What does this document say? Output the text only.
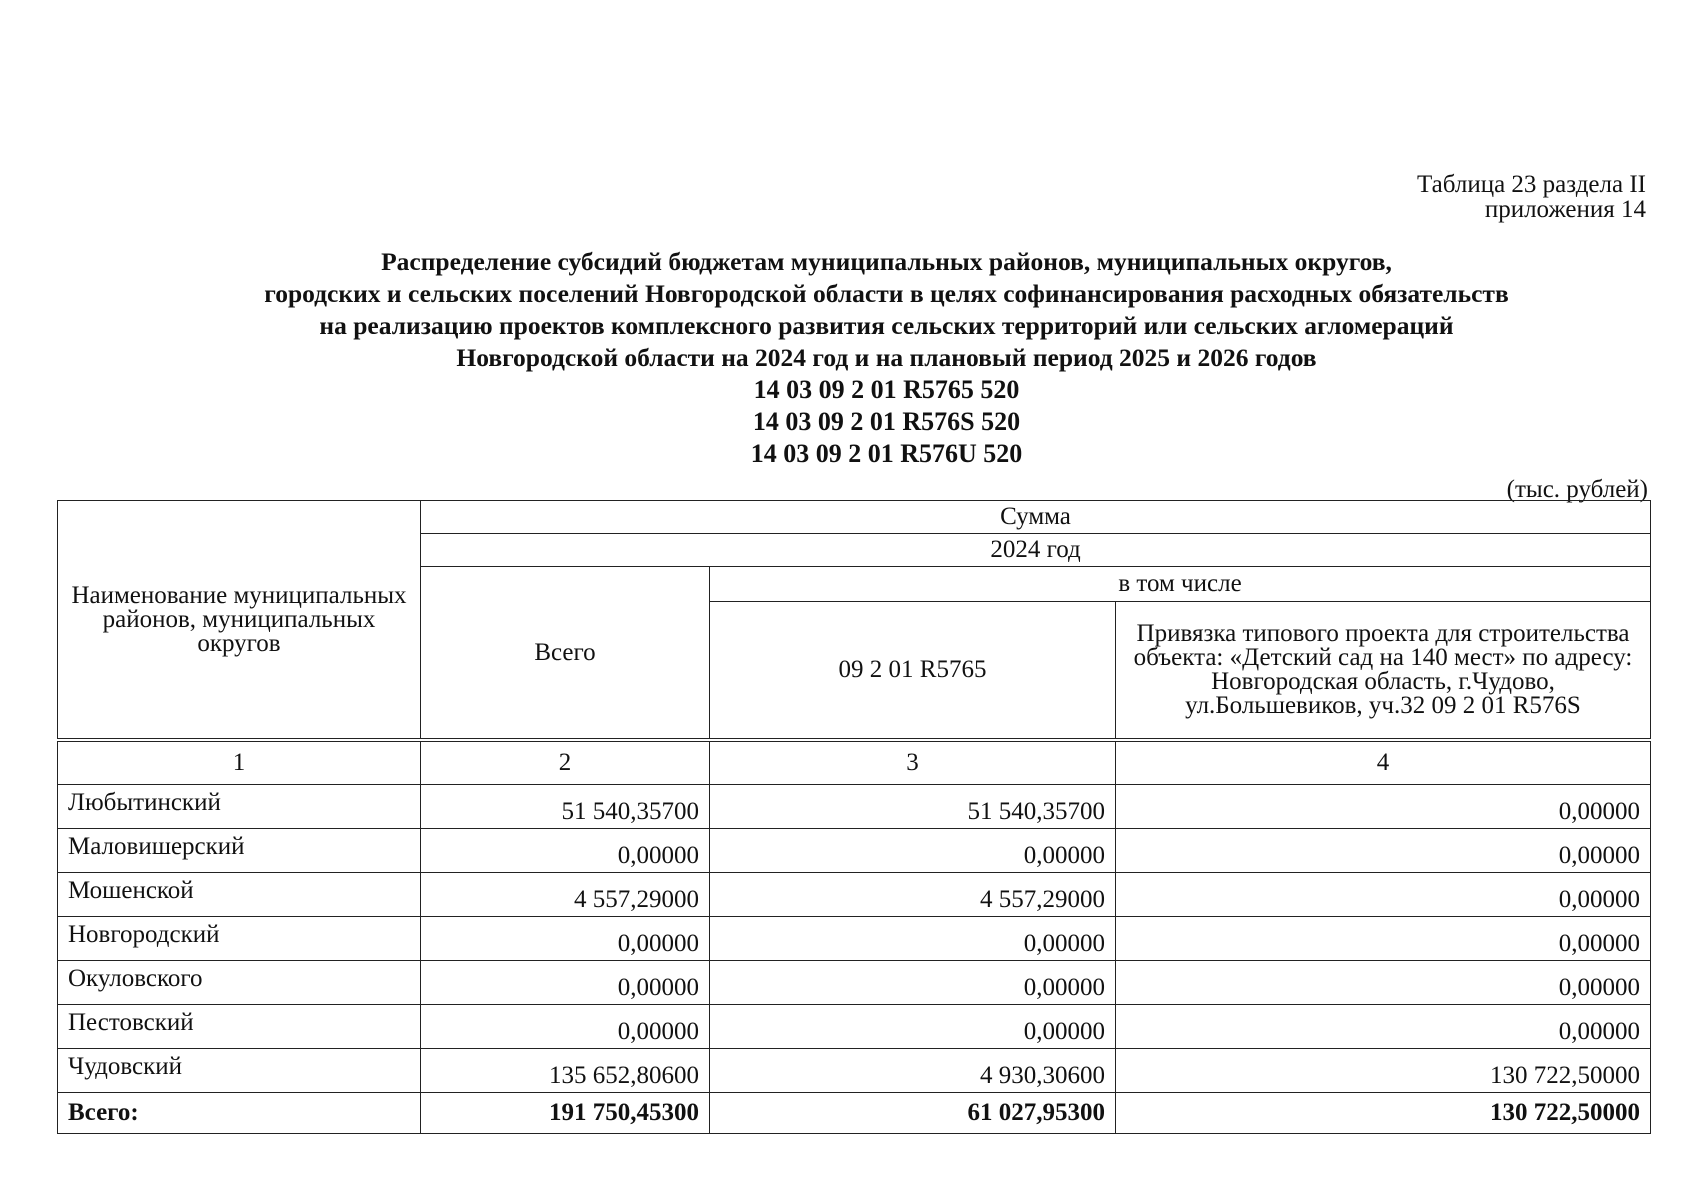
Таблица 23 раздела II
приложения 14
Распределение субсидий бюджетам муниципальных районов, муниципальных округов,
городских и сельских поселений Новгородской области в целях софинансирования расходных обязательств
на реализацию проектов комплексного развития сельских территорий или сельских агломераций
Новгородской области на 2024 год и на плановый период 2025 и 2026 годов
14 03 09 2 01 R5765 520
14 03 09 2 01 R576S 520
14 03 09 2 01 R576U 520
(тыс. рублей)
Наименование муниципальных районов, муниципальных округов	Сумма		
	2024 год		
	Всего	в том числе	
		09 2 01 R5765	Привязка типового проекта для строительства объекта: «Детский сад на 140 мест» по адресу: Новгородская область, г.Чудово, ул.Большевиков, уч.32 09 2 01 R576S
1	2	3	4
Любытинский	51 540,35700	51 540,35700	0,00000
Маловишерский	0,00000	0,00000	0,00000
Мошенской	4 557,29000	4 557,29000	0,00000
Новгородский	0,00000	0,00000	0,00000
Окуловского	0,00000	0,00000	0,00000
Пестовский	0,00000	0,00000	0,00000
Чудовский	135 652,80600	4 930,30600	130 722,50000
Всего:	191 750,45300	61 027,95300	130 722,50000
